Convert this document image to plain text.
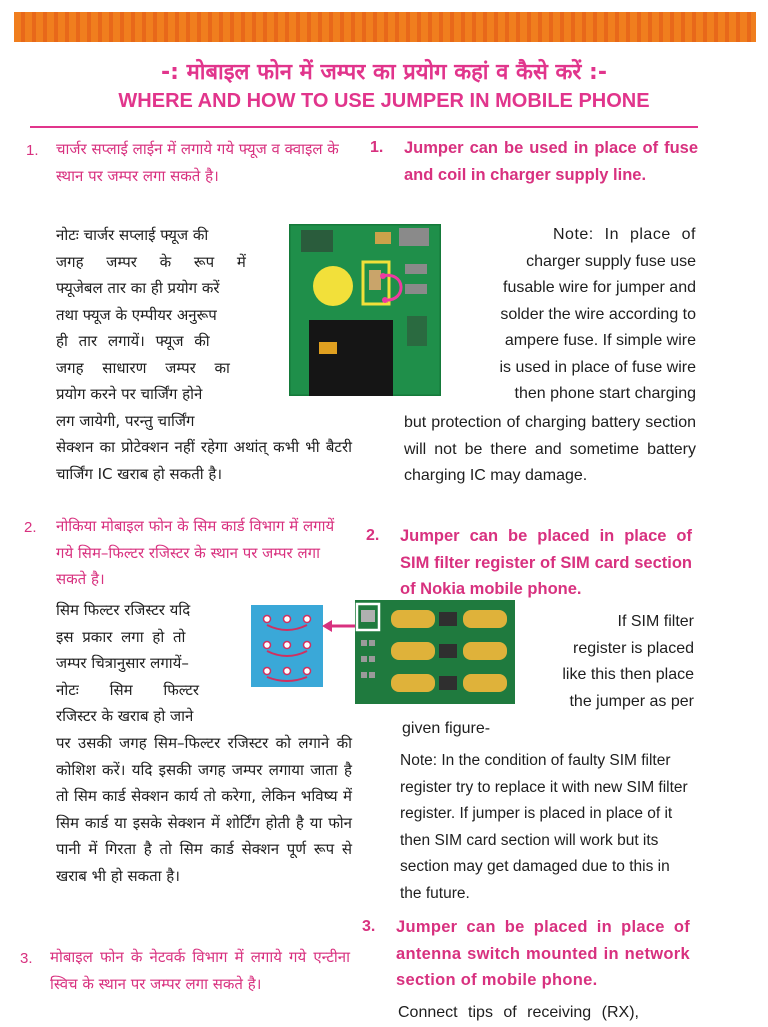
-: मोबाइल फोन में जम्पर का प्रयोग कहां व कैसे करें :-
WHERE AND HOW TO USE JUMPER IN MOBILE PHONE
1. चार्जर सप्लाई लाईन में लगाये गये फ्यूज व क्वाइल के स्थान पर जम्पर लगा सकते है।

नोटः चार्जर सप्लाई फ्यूज की
जगह जम्पर के रूप में
फ्यूजेबल तार का ही प्रयोग करें
तथा फ्यूज के एम्पीयर अनुरूप
ही तार लगायें। फ्यूज की
जगह साधारण जम्पर का
प्रयोग करने पर चार्जिंग होने
लग जायेगी, परन्तु चार्जिंग

सेक्शन का प्रोटेक्शन नहीं रहेगा अथांत् कभी भी बैटरी चार्जिंग IC खराब हो सकती है।

2. नोकिया मोबाइल फोन के सिम कार्ड विभाग में लगायें गये सिम–फिल्टर रजिस्टर के स्थान पर जम्पर लगा सकते है।

सिम फिल्टर रजिस्टर यदि
इस प्रकार लगा हो तो
जम्पर चित्रानुसार लगायें–
नोटः सिम फिल्टर
रजिस्टर के खराब हो जाने

पर उसकी जगह सिम–फिल्टर रजिस्टर को लगाने की कोशिश करें। यदि इसकी जगह जम्पर लगाया जाता है तो सिम कार्ड सेक्शन कार्य तो करेगा, लेकिन भविष्य में सिम कार्ड या इसके सेक्शन में शोर्टिंग होती है या फोन पानी में गिरता है तो सिम कार्ड सेक्शन पूर्ण रूप से खराब भी हो सकता है।

3. मोबाइल फोन के नेटवर्क विभाग में लगाये गये एन्टीना स्विच के स्थान पर जम्पर लगा सकते है।

1. Jumper can be used in place of fuse and coil in charger supply line.

Note: In place of
charger supply fuse use
fusable wire for jumper and
solder the wire according to
ampere fuse. If simple wire
is used in place of fuse wire
then phone start charging

but protection of charging battery section will not be there and sometime battery charging IC may damage.

2. Jumper can be placed in place of SIM filter register of SIM card section of Nokia mobile phone.

If SIM filter
register is placed
like this then place
the jumper as per
given figure-

Note: In the condition of faulty SIM filter register try to replace it with new SIM filter register. If jumper is placed in place of it then SIM card section will work but its section may get damaged due to this in the future.

3. Jumper can be placed in place of antenna switch mounted in network section of mobile phone.

Connect tips of receiving (RX),
